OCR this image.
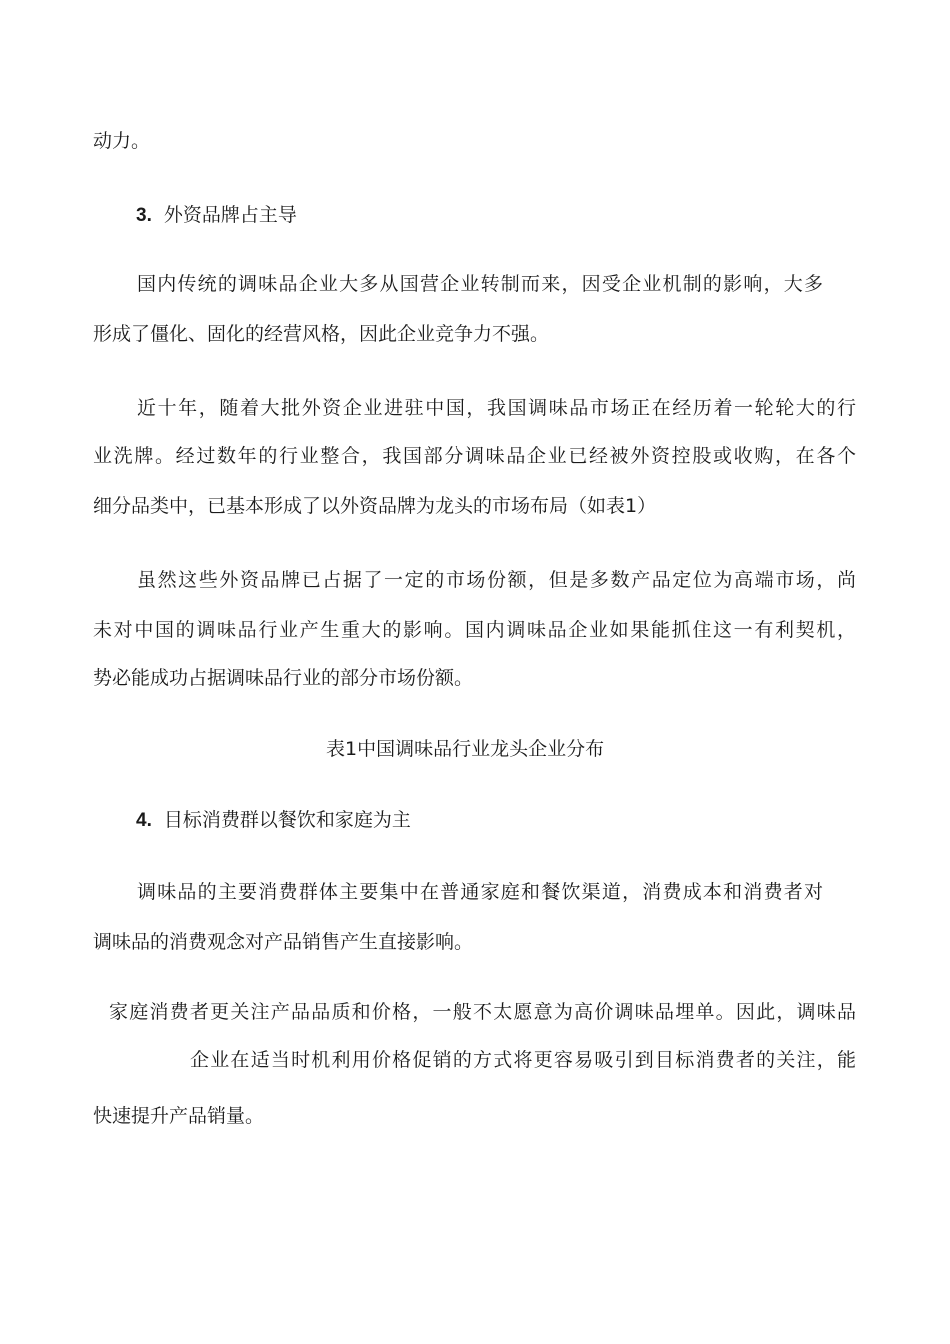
动力。
3. 外资品牌占主导
国内传统的调味品企业大多从国营企业转制而来，因受企业机制的影响，大多
形成了僵化、固化的经营风格，因此企业竞争力不强。
近十年，随着大批外资企业进驻中国，我国调味品市场正在经历着一轮轮大的行
业洗牌。经过数年的行业整合，我国部分调味品企业已经被外资控股或收购，在各个
细分品类中，已基本形成了以外资品牌为龙头的市场布局（如表1）
虽然这些外资品牌已占据了一定的市场份额，但是多数产品定位为高端市场，尚
未对中国的调味品行业产生重大的影响。国内调味品企业如果能抓住这一有利契机，
势必能成功占据调味品行业的部分市场份额。
表1中国调味品行业龙头企业分布
4. 目标消费群以餐饮和家庭为主
调味品的主要消费群体主要集中在普通家庭和餐饮渠道，消费成本和消费者对
调味品的消费观念对产品销售产生直接影响。
家庭消费者更关注产品品质和价格，一般不太愿意为高价调味品埋单。因此，调味品
企业在适当时机利用价格促销的方式将更容易吸引到目标消费者的关注，能
快速提升产品销量。
